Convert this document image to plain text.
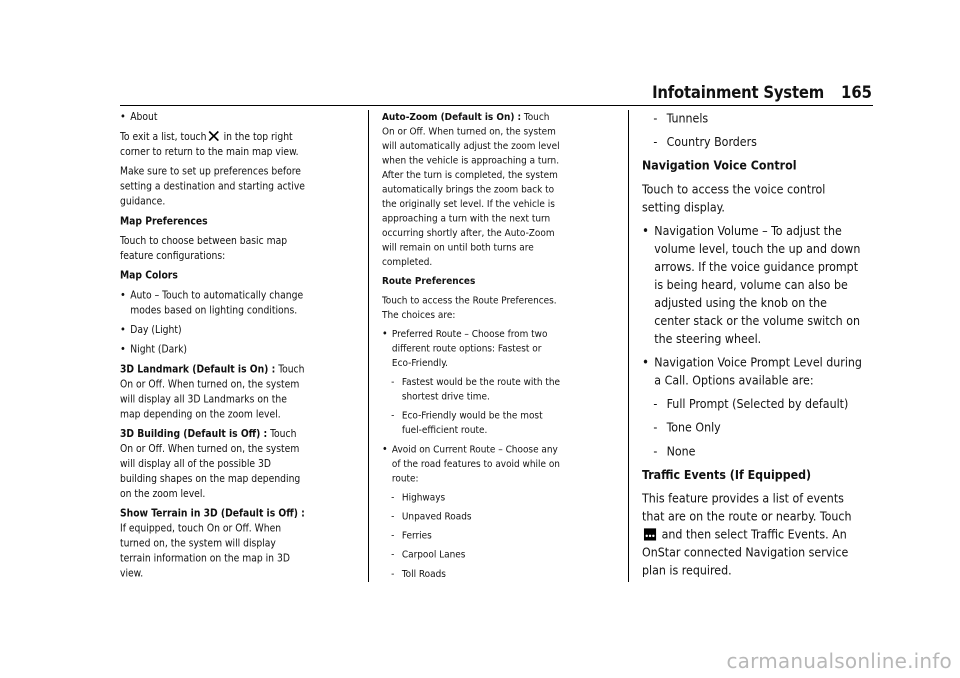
Infotainment System 165
• About

To exit a list, touch in the top right corner to return to the main map view.

Make sure to set up preferences before setting a destination and starting active guidance.

Map Preferences

Touch to choose between basic map feature configurations:

Map Colors

• Auto – Touch to automatically change modes based on lighting conditions.
• Day (Light)
• Night (Dark)

3D Landmark (Default is On) : Touch On or Off. When turned on, the system will display all 3D Landmarks on the map depending on the zoom level.

3D Building (Default is Off) : Touch On or Off. When turned on, the system will display all of the possible 3D building shapes on the map depending on the zoom level.

Show Terrain in 3D (Default is Off) :
If equipped, touch On or Off. When turned on, the system will display terrain information on the map in 3D view.

Auto-Zoom (Default is On) : Touch On or Off. When turned on, the system will automatically adjust the zoom level when the vehicle is approaching a turn. After the turn is completed, the system automatically brings the zoom back to the originally set level. If the vehicle is approaching a turn with the next turn occurring shortly after, the Auto-Zoom will remain on until both turns are completed.

Route Preferences

Touch to access the Route Preferences. The choices are:

• Preferred Route – Choose from two different route options: Fastest or Eco-Friendly.
- Fastest would be the route with the shortest drive time.
- Eco-Friendly would be the most fuel-efficient route.
• Avoid on Current Route – Choose any of the road features to avoid while on route:
- Highways
- Unpaved Roads
- Ferries
- Carpool Lanes
- Toll Roads
- Tunnels
- Country Borders

Navigation Voice Control

Touch to access the voice control setting display.

• Navigation Volume – To adjust the volume level, touch the up and down arrows. If the voice guidance prompt is being heard, volume can also be adjusted using the knob on the center stack or the volume switch on the steering wheel.
• Navigation Voice Prompt Level during a Call. Options available are:
- Full Prompt (Selected by default)
- Tone Only
- None

Traffic Events (If Equipped)

This feature provides a list of events that are on the route or nearby. Touch and then select Traffic Events. An OnStar connected Navigation service plan is required.

carmanualsonline.info
